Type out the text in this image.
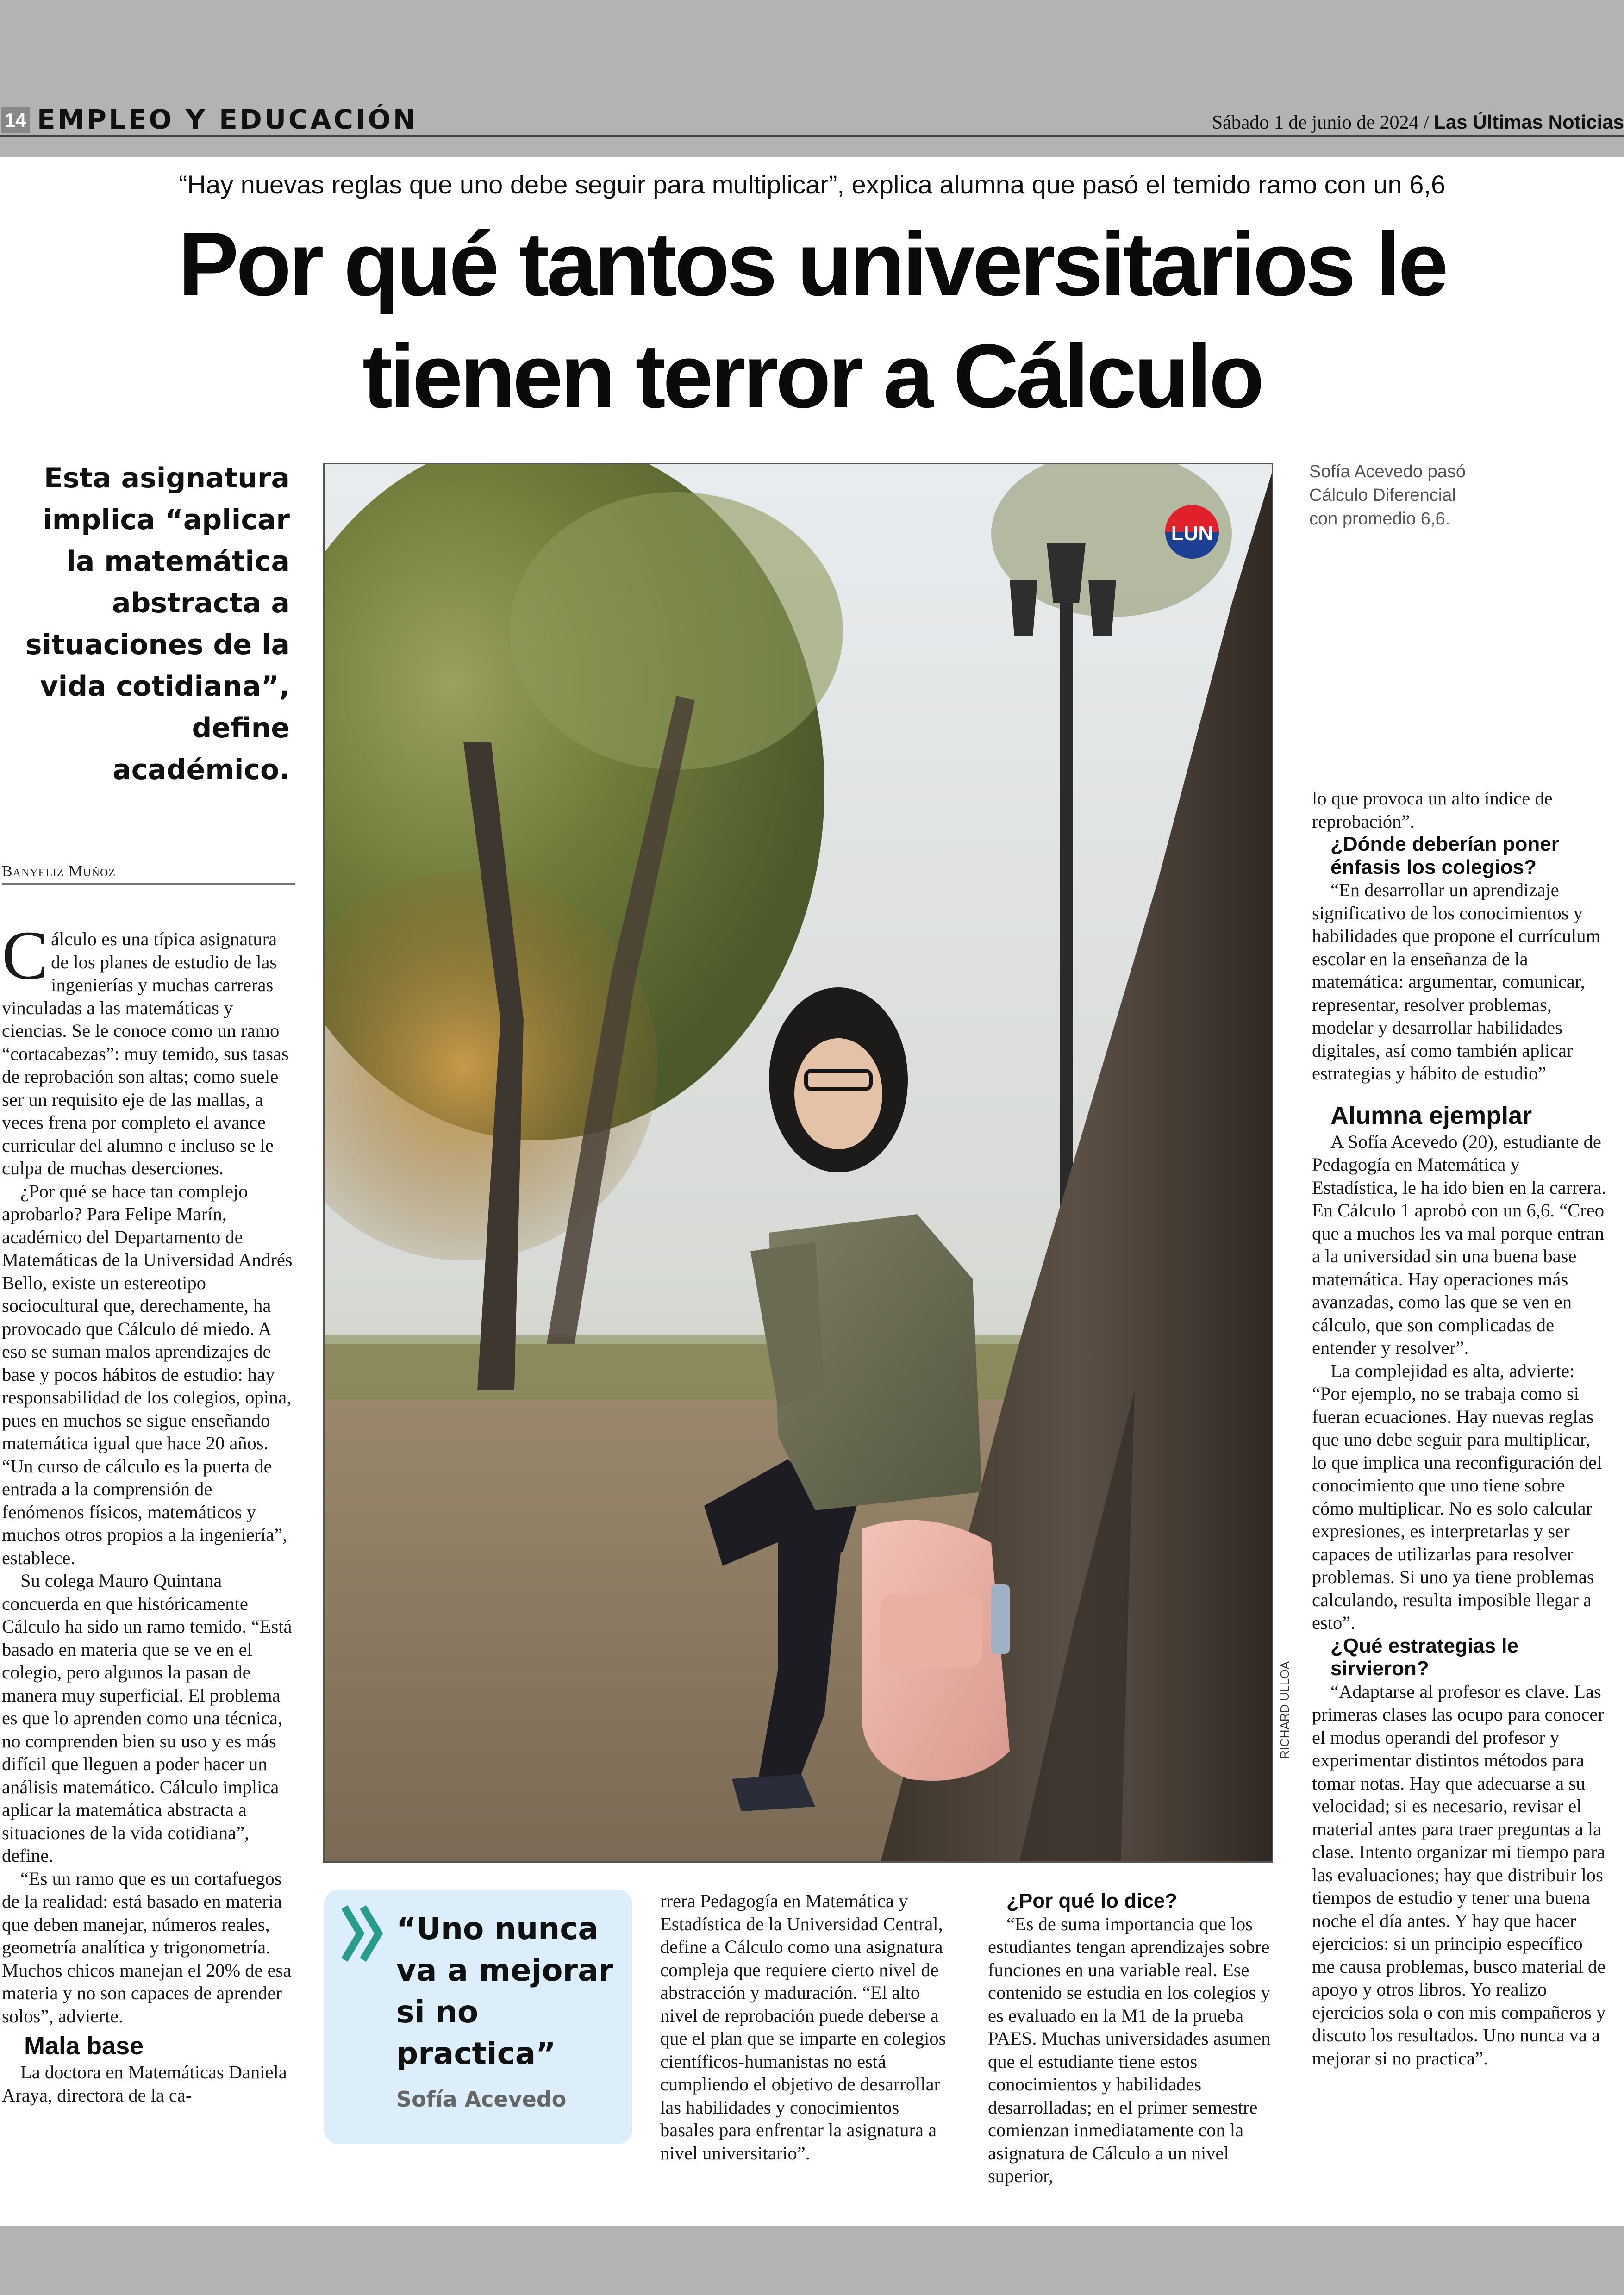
14 EMPLEO Y EDUCACIÓN	Sábado 1 de junio de 2024 / Las Últimas Noticias
“Hay nuevas reglas que uno debe seguir para multiplicar”, explica alumna que pasó el temido ramo con un 6,6
Por qué tantos universitarios le
tienen terror a Cálculo
Esta asignatura implica “aplicar la matemática abstracta a situaciones de la vida cotidiana”, define académico.
Sofía Acevedo pasó Cálculo Diferencial con promedio 6,6.
Banyeliz Muñoz
LUN
RICHARD ULLOA

Cálculo es una típica asignatura de los planes de estudio de las ingenierías y muchas carreras vinculadas a las matemáticas y ciencias. Se le conoce como un ramo “cortacabezas”: muy temido, sus tasas de reprobación son altas; como suele ser un requisito eje de las mallas, a veces frena por completo el avance curricular del alumno e incluso se le culpa de muchas deserciones.

¿Por qué se hace tan complejo aprobarlo? Para Felipe Marín, académico del Departamento de Matemáticas de la Universidad Andrés Bello, existe un estereotipo sociocultural que, derechamente, ha provocado que Cálculo dé miedo. A eso se suman malos aprendizajes de base y pocos hábitos de estudio: hay responsabilidad de los colegios, opina, pues en muchos se sigue enseñando matemática igual que hace 20 años. “Un curso de cálculo es la puerta de entrada a la comprensión de fenómenos físicos, matemáticos y muchos otros propios a la ingeniería”, establece.

Su colega Mauro Quintana concuerda en que históricamente Cálculo ha sido un ramo temido. “Está basado en materia que se ve en el colegio, pero algunos la pasan de manera muy superficial. El problema es que lo aprenden como una técnica, no comprenden bien su uso y es más difícil que lleguen a poder hacer un análisis matemático. Cálculo implica aplicar la matemática abstracta a situaciones de la vida cotidiana”, define.

“Es un ramo que es un cortafuegos de la realidad: está basado en materia que deben manejar, números reales, geometría analítica y trigonometría. Muchos chicos manejan el 20% de esa materia y no son capaces de aprender solos”, advierte.

Mala base

La doctora en Matemáticas Daniela Araya, directora de la ca-

“Uno nunca va a mejorar si no practica”
Sofía Acevedo

rrera Pedagogía en Matemática y Estadística de la Universidad Central, define a Cálculo como una asignatura compleja que requiere cierto nivel de abstracción y maduración. “El alto nivel de reprobación puede deberse a que el plan que se imparte en colegios científicos-humanistas no está cumpliendo el objetivo de desarrollar las habilidades y conocimientos basales para enfrentar la asignatura a nivel universitario”.

¿Por qué lo dice?

“Es de suma importancia que los estudiantes tengan aprendizajes sobre funciones en una variable real. Ese contenido se estudia en los colegios y es evaluado en la M1 de la prueba PAES. Muchas universidades asumen que el estudiante tiene estos conocimientos y habilidades desarrolladas; en el primer semestre comienzan inmediatamente con la asignatura de Cálculo a un nivel superior,

lo que provoca un alto índice de reprobación”.

¿Dónde deberían poner énfasis los colegios?

“En desarrollar un aprendizaje significativo de los conocimientos y habilidades que propone el currículum escolar en la enseñanza de la matemática: argumentar, comunicar, representar, resolver problemas, modelar y desarrollar habilidades digitales, así como también aplicar estrategias y hábito de estudio”

Alumna ejemplar

A Sofía Acevedo (20), estudiante de Pedagogía en Matemática y Estadística, le ha ido bien en la carrera. En Cálculo 1 aprobó con un 6,6. “Creo que a muchos les va mal porque entran a la universidad sin una buena base matemática. Hay operaciones más avanzadas, como las que se ven en cálculo, que son complicadas de entender y resolver”.

La complejidad es alta, advierte: “Por ejemplo, no se trabaja como si fueran ecuaciones. Hay nuevas reglas que uno debe seguir para multiplicar, lo que implica una reconfiguración del conocimiento que uno tiene sobre cómo multiplicar. No es solo calcular expresiones, es interpretarlas y ser capaces de utilizarlas para resolver problemas. Si uno ya tiene problemas calculando, resulta imposible llegar a esto”.

¿Qué estrategias le sirvieron?

“Adaptarse al profesor es clave. Las primeras clases las ocupo para conocer el modus operandi del profesor y experimentar distintos métodos para tomar notas. Hay que adecuarse a su velocidad; si es necesario, revisar el material antes para traer preguntas a la clase. Intento organizar mi tiempo para las evaluaciones; hay que distribuir los tiempos de estudio y tener una buena noche el día antes. Y hay que hacer ejercicios: si un principio específico me causa problemas, busco material de apoyo y otros libros. Yo realizo ejercicios sola o con mis compañeros y discuto los resultados. Uno nunca va a mejorar si no practica”.
